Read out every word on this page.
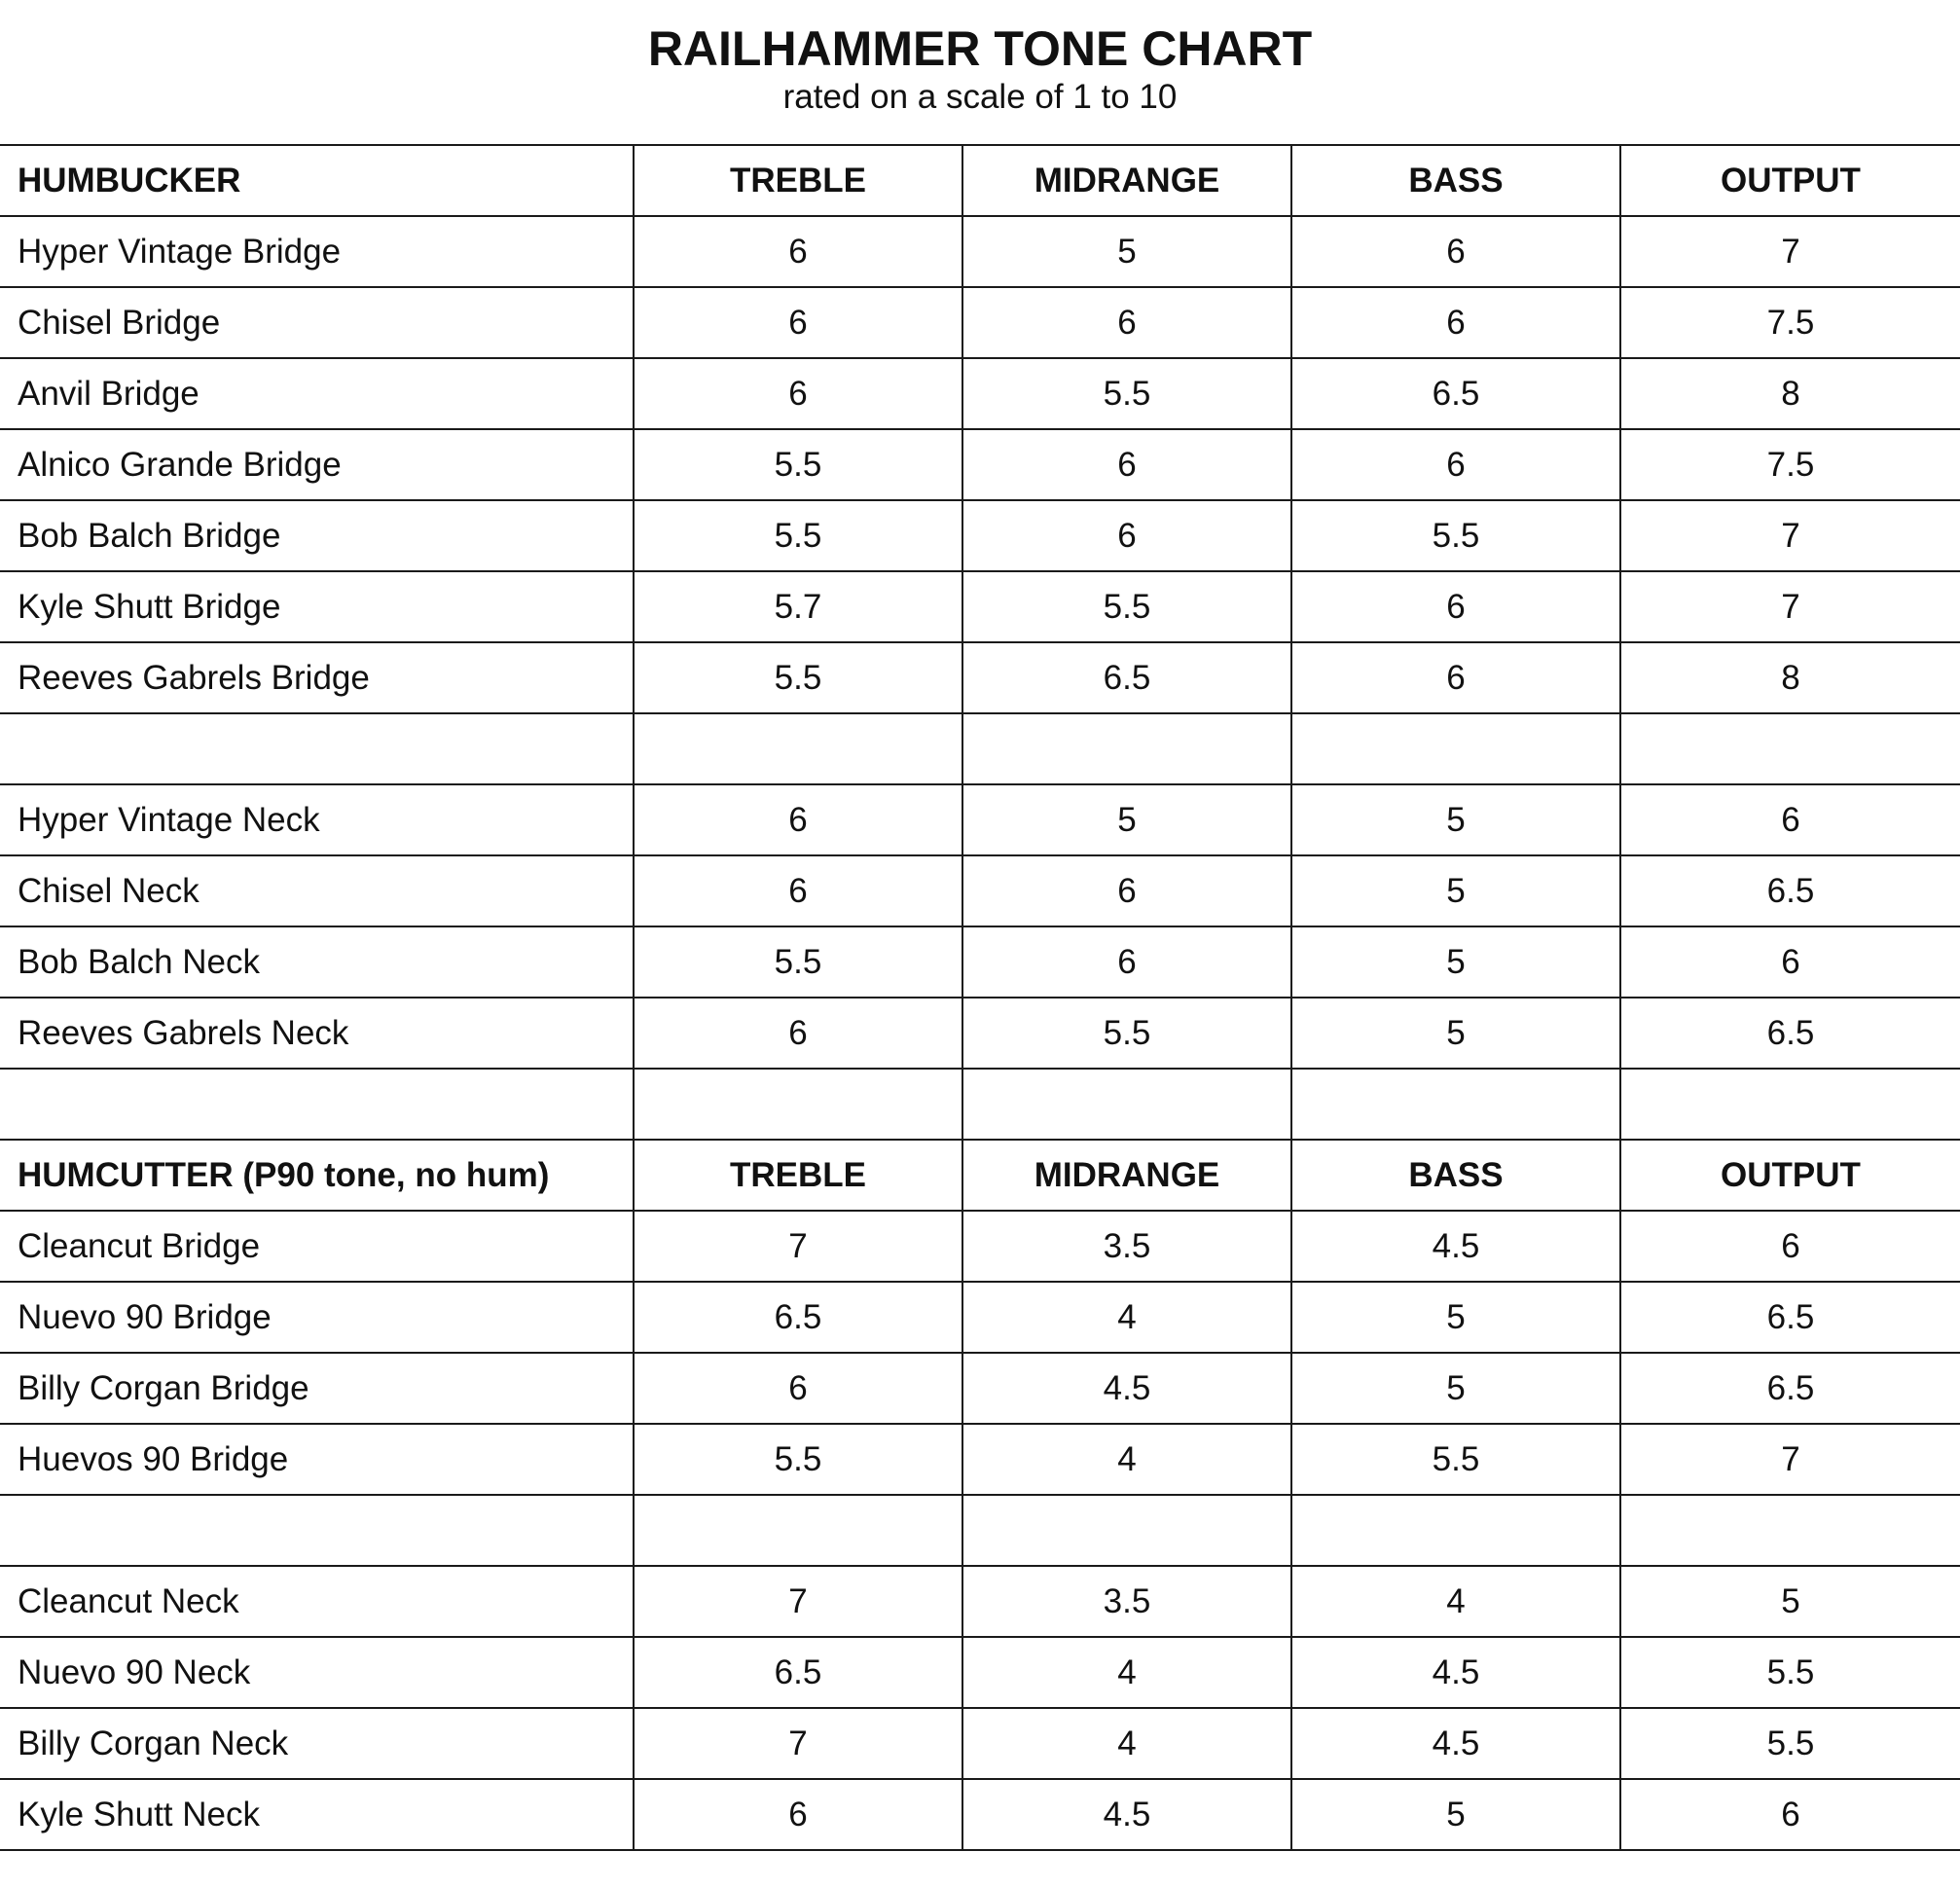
RAILHAMMER TONE CHART
rated on a scale of 1 to 10
HUMBUCKER	TREBLE	MIDRANGE	BASS	OUTPUT
Hyper Vintage Bridge	6	5	6	7
Chisel Bridge	6	6	6	7.5
Anvil Bridge	6	5.5	6.5	8
Alnico Grande Bridge	5.5	6	6	7.5
Bob Balch Bridge	5.5	6	5.5	7
Kyle Shutt Bridge	5.7	5.5	6	7
Reeves Gabrels Bridge	5.5	6.5	6	8

Hyper Vintage Neck	6	5	5	6
Chisel Neck	6	6	5	6.5
Bob Balch Neck	5.5	6	5	6
Reeves Gabrels Neck	6	5.5	5	6.5

HUMCUTTER (P90 tone, no hum)	TREBLE	MIDRANGE	BASS	OUTPUT
Cleancut Bridge	7	3.5	4.5	6
Nuevo 90 Bridge	6.5	4	5	6.5
Billy Corgan Bridge	6	4.5	5	6.5
Huevos 90 Bridge	5.5	4	5.5	7

Cleancut Neck	7	3.5	4	5
Nuevo 90 Neck	6.5	4	4.5	5.5
Billy Corgan Neck	7	4	4.5	5.5
Kyle Shutt Neck	6	4.5	5	6
